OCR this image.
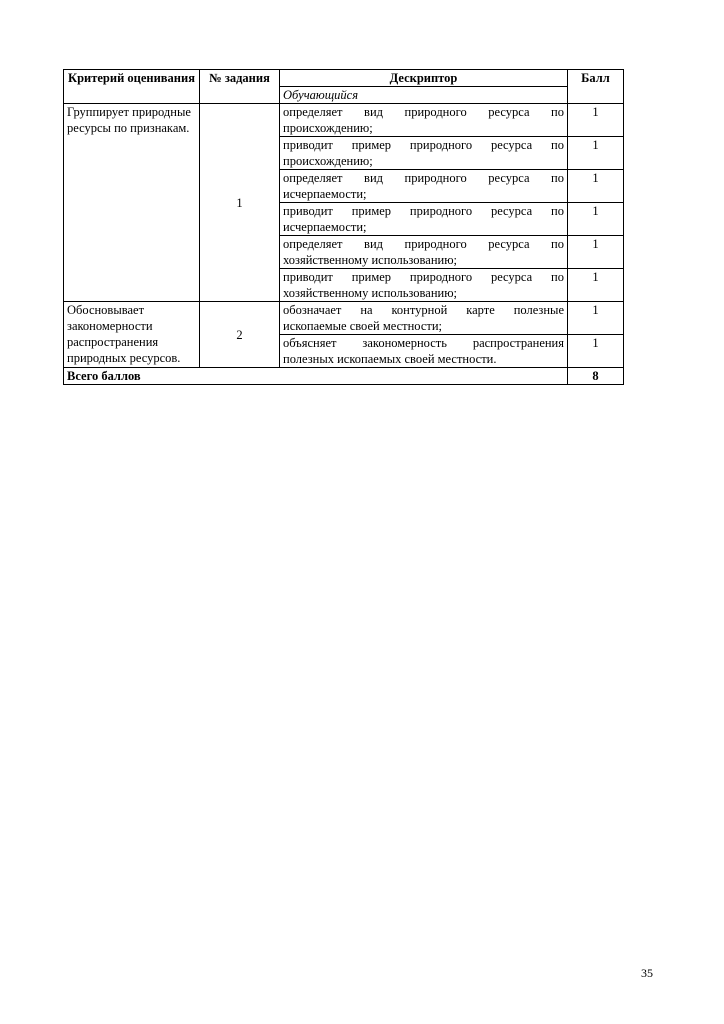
Критерий оценивания	№ задания	Дескриптор	Балл
		Обучающийся	
Группирует природные ресурсы по признакам.	1	определяет вид природного ресурса по происхождению;	1
		приводит пример природного ресурса по происхождению;	1
		определяет вид природного ресурса по исчерпаемости;	1
		приводит пример природного ресурса по исчерпаемости;	1
		определяет вид природного ресурса по хозяйственному использованию;	1
		приводит пример природного ресурса по хозяйственному использованию;	1
Обосновывает закономерности распространения природных ресурсов.	2	обозначает на контурной карте полезные ископаемые своей местности;	1
		объясняет закономерность распространения полезных ископаемых своей местности.	1
Всего баллов			8
35
